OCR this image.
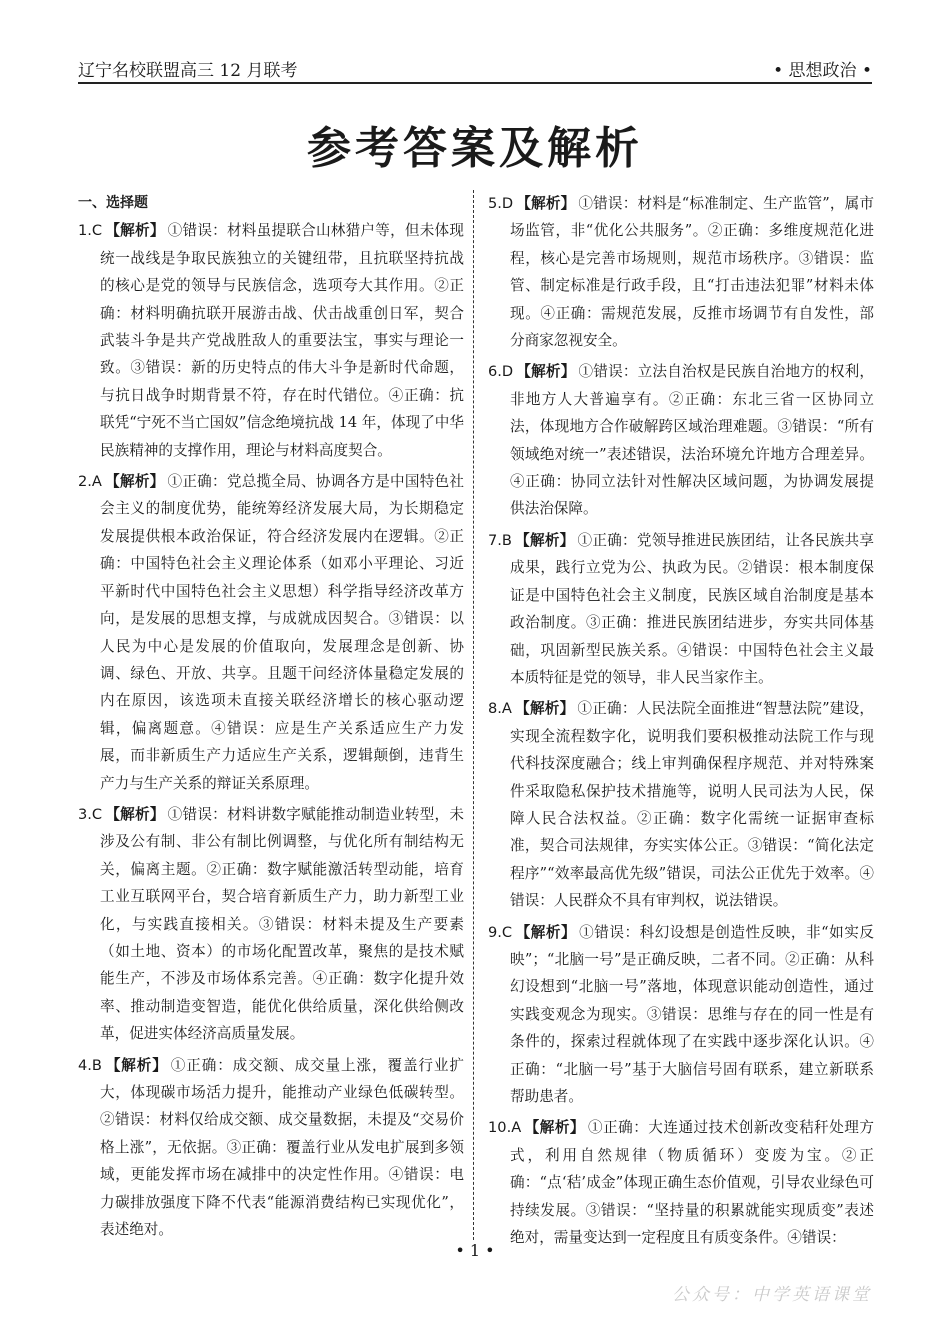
辽宁名校联盟高三 12 月联考	• 思想政治 •
参考答案及解析

一、选择题

1.C 【解析】 ①错误：材料虽提联合山林猎户等，但未体现统一战线是争取民族独立的关键纽带，且抗联坚持抗战的核心是党的领导与民族信念，选项夸大其作用。②正确：材料明确抗联开展游击战、伏击战重创日军，契合武装斗争是共产党战胜敌人的重要法宝，事实与理论一致。③错误：新的历史特点的伟大斗争是新时代命题，与抗日战争时期背景不符，存在时代错位。④正确：抗联凭“宁死不当亡国奴”信念绝境抗战 14 年，体现了中华民族精神的支撑作用，理论与材料高度契合。

2.A 【解析】 ①正确：党总揽全局、协调各方是中国特色社会主义的制度优势，能统筹经济发展大局，为长期稳定发展提供根本政治保证，符合经济发展内在逻辑。②正确：中国特色社会主义理论体系（如邓小平理论、习近平新时代中国特色社会主义思想）科学指导经济改革方向，是发展的思想支撑，与成就成因契合。③错误：以人民为中心是发展的价值取向，发展理念是创新、协调、绿色、开放、共享。且题干问经济体量稳定发展的内在原因，该选项未直接关联经济增长的核心驱动逻辑，偏离题意。④错误：应是生产关系适应生产力发展，而非新质生产力适应生产关系，逻辑颠倒，违背生产力与生产关系的辩证关系原理。

3.C 【解析】 ①错误：材料讲数字赋能推动制造业转型，未涉及公有制、非公有制比例调整，与优化所有制结构无关，偏离主题。②正确：数字赋能激活转型动能，培育工业互联网平台，契合培育新质生产力，助力新型工业化，与实践直接相关。③错误：材料未提及生产要素（如土地、资本）的市场化配置改革，聚焦的是技术赋能生产，不涉及市场体系完善。④正确：数字化提升效率、推动制造变智造，能优化供给质量，深化供给侧改革，促进实体经济高质量发展。

4.B 【解析】 ①正确：成交额、成交量上涨，覆盖行业扩大，体现碳市场活力提升，能推动产业绿色低碳转型。②错误：材料仅给成交额、成交量数据，未提及“交易价格上涨”，无依据。③正确：覆盖行业从发电扩展到多领域，更能发挥市场在减排中的决定性作用。④错误：电力碳排放强度下降不代表“能源消费结构已实现优化”，表述绝对。

5.D 【解析】 ①错误：材料是“标准制定、生产监管”，属市场监管，非“优化公共服务”。②正确：多维度规范化进程，核心是完善市场规则，规范市场秩序。③错误：监管、制定标准是行政手段，且“打击违法犯罪”材料未体现。④正确：需规范发展，反推市场调节有自发性，部分商家忽视安全。

6.D 【解析】 ①错误：立法自治权是民族自治地方的权利，非地方人大普遍享有。②正确：东北三省一区协同立法，体现地方合作破解跨区域治理难题。③错误：“所有领域绝对统一”表述错误，法治环境允许地方合理差异。④正确：协同立法针对性解决区域问题，为协调发展提供法治保障。

7.B 【解析】 ①正确：党领导推进民族团结，让各民族共享成果，践行立党为公、执政为民。②错误：根本制度保证是中国特色社会主义制度，民族区域自治制度是基本政治制度。③正确：推进民族团结进步，夯实共同体基础，巩固新型民族关系。④错误：中国特色社会主义最本质特征是党的领导，非人民当家作主。

8.A 【解析】 ①正确：人民法院全面推进“智慧法院”建设，实现全流程数字化，说明我们要积极推动法院工作与现代科技深度融合；线上审判确保程序规范、并对特殊案件采取隐私保护技术措施等，说明人民司法为人民，保障人民合法权益。②正确：数字化需统一证据审查标准，契合司法规律，夯实实体公正。③错误：“简化法定程序”“效率最高优先级”错误，司法公正优先于效率。④错误：人民群众不具有审判权，说法错误。

9.C 【解析】 ①错误：科幻设想是创造性反映，非“如实反映”；“北脑一号”是正确反映，二者不同。②正确：从科幻设想到“北脑一号”落地，体现意识能动创造性，通过实践变观念为现实。③错误：思维与存在的同一性是有条件的，探索过程就体现了在实践中逐步深化认识。④正确：“北脑一号”基于大脑信号固有联系，建立新联系帮助患者。

10.A 【解析】 ①正确：大连通过技术创新改变秸秆处理方式，利用自然规律（物质循环）变废为宝。②正确：“点‘秸’成金”体现正确生态价值观，引导农业绿色可持续发展。③错误：“坚持量的积累就能实现质变”表述绝对，需量变达到一定程度且有质变条件。④错误：

• 1 •
公众号：中学英语课堂
